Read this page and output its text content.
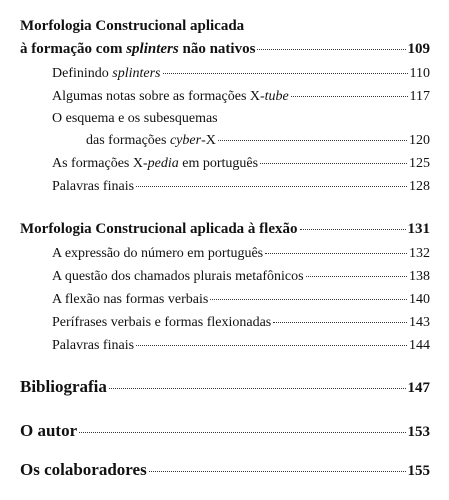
Morfologia Construcional aplicada
à formação com splinters não nativos	109
Definindo splinters	110
Algumas notas sobre as formações X-tube	117
O esquema e os subesquemas
das formações cyber-X	120
As formações X-pedia em português	125
Palavras finais	128
Morfologia Construcional aplicada à flexão	131
A expressão do número em português	132
A questão dos chamados plurais metafônicos	138
A flexão nas formas verbais	140
Perífrases verbais e formas flexionadas	143
Palavras finais	144
Bibliografia	147
O autor	153
Os colaboradores	155
